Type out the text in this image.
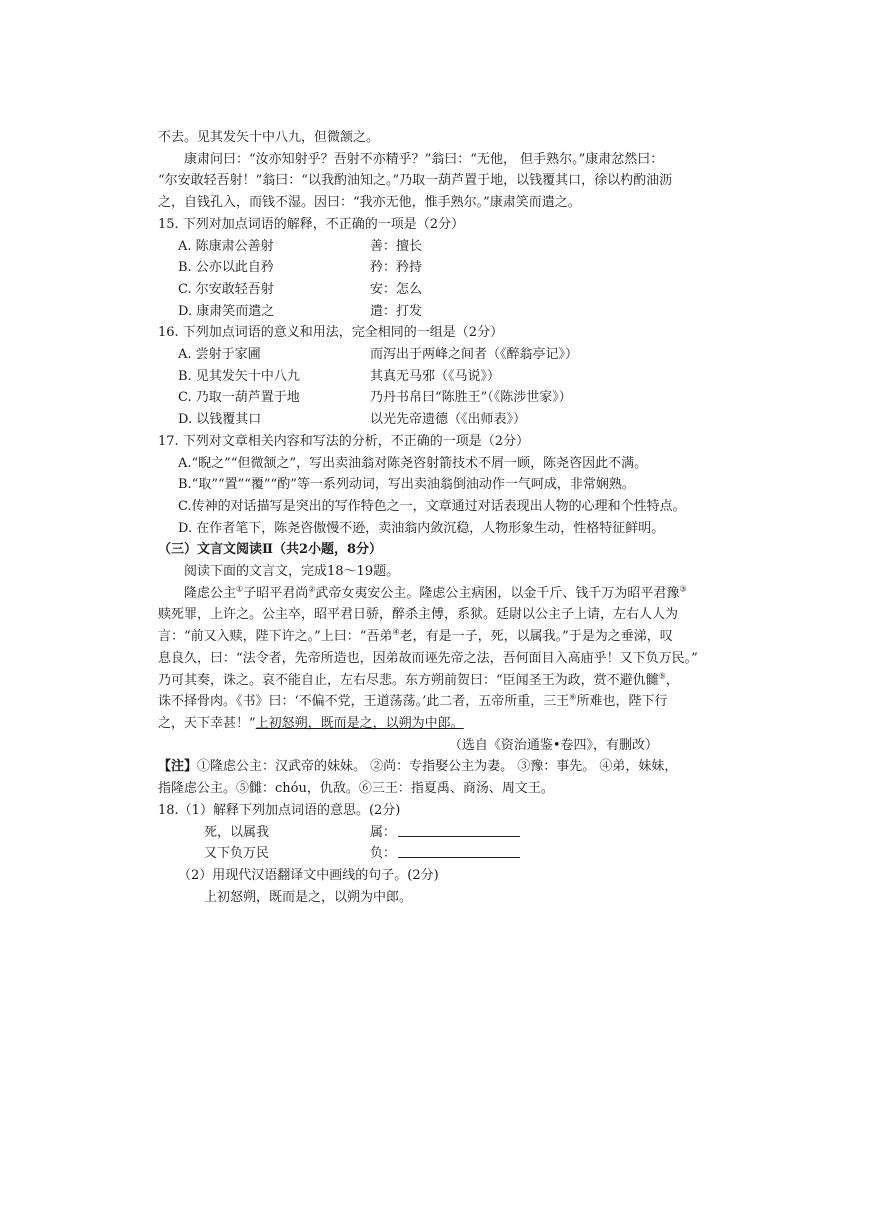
不去。见其发矢十中八九，但微颔之。
康肃问曰：“汝亦知射乎？吾射不亦精乎？”翁曰：“无他， 但手熟尔。”康肃忿然曰：
“尔安敢轻吾射！”翁曰：“以我酌油知之。”乃取一葫芦置于地，以钱覆其口，徐以杓酌油沥
之，自钱孔入，而钱不湿。因曰：“我亦无他，惟手熟尔。”康肃笑而遣之。
15. 下列对加点词语的解释，不正确的一项是（2分）
A. 陈康肃公善射	善：擅长
B. 公亦以此自矜	矜：矜持
C. 尔安敢轻吾射	安：怎么
D. 康肃笑而遣之	遣：打发
16. 下列加点词语的意义和用法，完全相同的一组是（2分）
A. 尝射于家圃	而泻出于两峰之间者（《醉翁亭记》）
B. 见其发矢十中八九	其真无马邪（《马说》）
C. 乃取一葫芦置于地	乃丹书帛曰“陈胜王”（《陈涉世家》）
D. 以钱覆其口	以光先帝遗德（《出师表》）
17. 下列对文章相关内容和写法的分析，不正确的一项是（2分）
A.“睨之”“但微颔之”，写出卖油翁对陈尧咨射箭技术不屑一顾，陈尧咨因此不满。
B.“取”“置”“覆”“酌”等一系列动词，写出卖油翁倒油动作一气呵成，非常娴熟。
C.传神的对话描写是突出的写作特色之一，文章通过对话表现出人物的心理和个性特点。
D. 在作者笔下，陈尧咨傲慢不逊，卖油翁内敛沉稳，人物形象生动，性格特征鲜明。
（三）文言文阅读Ⅱ（共2小题，8分）
阅读下面的文言文，完成18～19题。
隆虑公主①子昭平君尚②武帝女夷安公主。隆虑公主病困，以金千斤、钱千万为昭平君豫③
赎死罪，上许之。公主卒，昭平君日骄，醉杀主傅，系狱。廷尉以公主子上请，左右人人为
言：“前又入赎，陛下许之。”上曰：“吾弟④老，有是一子，死，以属我。”于是为之垂涕，叹
息良久，曰：“法令者，先帝所造也，因弟故而诬先帝之法，吾何面目入高庙乎！又下负万民。”
乃可其奏，诛之。哀不能自止，左右尽悲。东方朔前贺曰：“臣闻圣王为政，赏不避仇雠⑤，
诛不择骨肉。《书》曰：‘不偏不党，王道荡荡。’此二者，五帝所重，三王⑥所难也，陛下行
之，天下幸甚！”上初怒朔，既而是之，以朔为中郎。
（选自《资治通鉴•卷四》，有删改）
【注】①隆虑公主：汉武帝的妹妹。 ②尚：专指娶公主为妻。 ③豫：事先。 ④弟，妹妹，
指隆虑公主。⑤雠：chóu，仇敌。⑥三王：指夏禹、商汤、周文王。
18.（1）解释下列加点词语的意思。(2分)
死，以属我	属：
又下负万民	负：
（2）用现代汉语翻译文中画线的句子。(2分)
上初怒朔，既而是之，以朔为中郎。
